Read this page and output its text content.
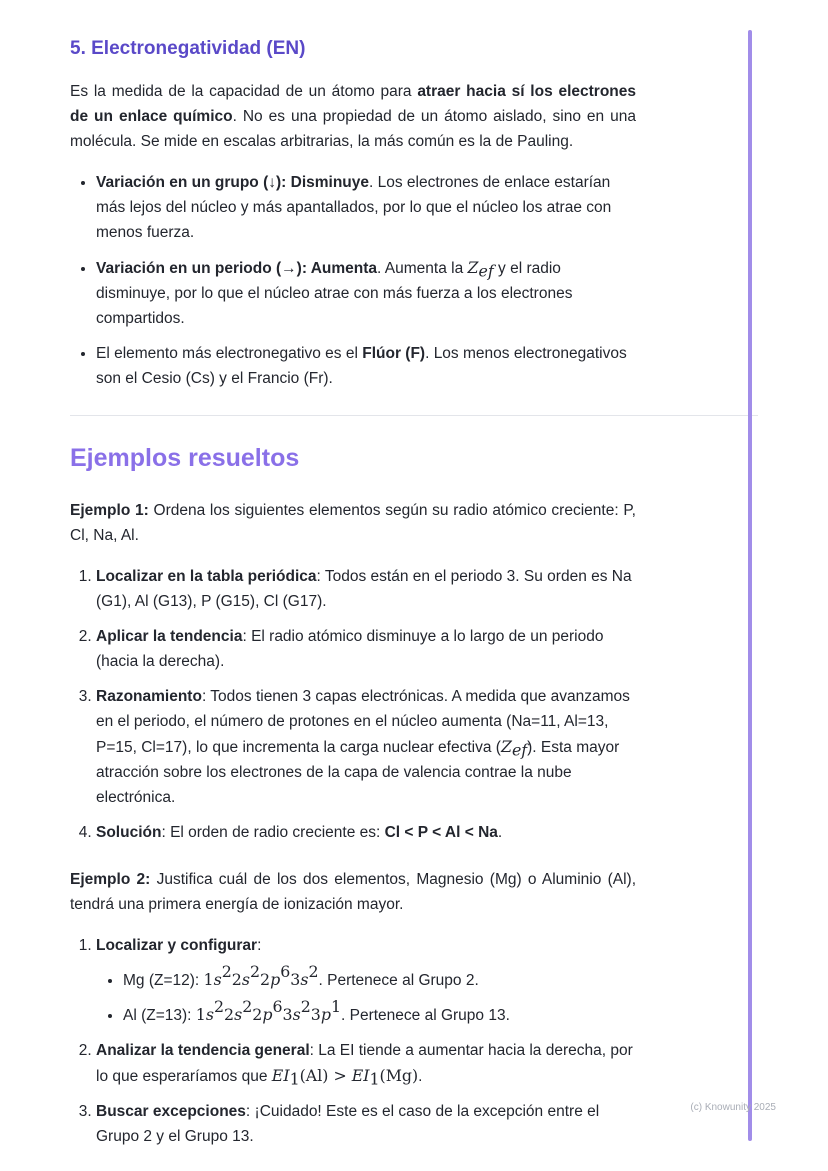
5. Electronegatividad (EN)

Es la medida de la capacidad de un átomo para atraer hacia sí los electrones de un enlace químico. No es una propiedad de un átomo aislado, sino en una molécula. Se mide en escalas arbitrarias, la más común es la de Pauling.

• Variación en un grupo (↓): Disminuye. Los electrones de enlace estarían más lejos del núcleo y más apantallados, por lo que el núcleo los atrae con menos fuerza.
• Variación en un periodo (→): Aumenta. Aumenta la $Z_{ef}$ y el radio disminuye, por lo que el núcleo atrae con más fuerza a los electrones compartidos.
• El elemento más electronegativo es el Flúor (F). Los menos electronegativos son el Cesio (Cs) y el Francio (Fr).
Ejemplos resueltos

Ejemplo 1: Ordena los siguientes elementos según su radio atómico creciente: P, Cl, Na, Al.

1. Localizar en la tabla periódica: Todos están en el periodo 3. Su orden es Na (G1), Al (G13), P (G15), Cl (G17).
2. Aplicar la tendencia: El radio atómico disminuye a lo largo de un periodo (hacia la derecha).
3. Razonamiento: Todos tienen 3 capas electrónicas. A medida que avanzamos en el periodo, el número de protones en el núcleo aumenta (Na=11, Al=13, P=15, Cl=17), lo que incrementa la carga nuclear efectiva $(Z_{ef})$. Esta mayor atracción sobre los electrones de la capa de valencia contrae la nube electrónica.
4. Solución: El orden de radio creciente es: Cl < P < Al < Na.

Ejemplo 2: Justifica cuál de los dos elementos, Magnesio (Mg) o Aluminio (Al), tendrá una primera energía de ionización mayor.

1. Localizar y configurar:
• Mg (Z=12): $1s^22s^22p^63s^2$. Pertenece al Grupo 2.
• Al (Z=13): $1s^22s^22p^63s^23p^1$. Pertenece al Grupo 13.
2. Analizar la tendencia general: La EI tiende a aumentar hacia la derecha, por lo que esperaríamos que $EI_1(Al) > EI_1(Mg)$.
3. Buscar excepciones: ¡Cuidado! Este es el caso de la excepción entre el Grupo 2 y el Grupo 13.
(c) Knowunity 2025
